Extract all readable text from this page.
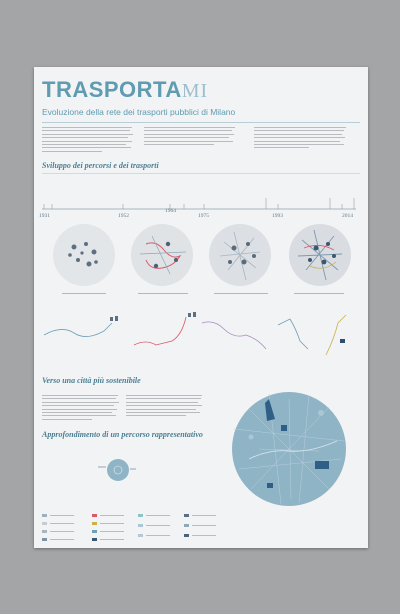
TRASPORTAMI
Evoluzione della rete dei trasporti pubblici di Milano
Sviluppo dei percorsi e dei trasporti
1931	1952
1964
1975	1993	2014
Verso una città più sostenibile
Approfondimento di un percorso rappresentativo
